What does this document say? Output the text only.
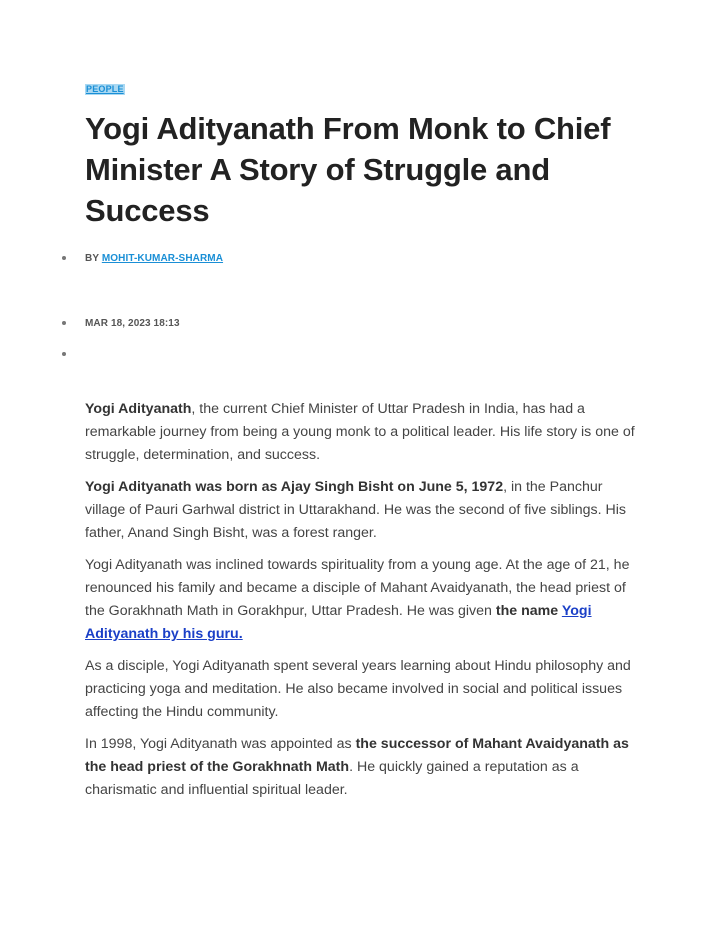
PEOPLE
Yogi Adityanath From Monk to Chief Minister A Story of Struggle and Success
BY MOHIT-KUMAR-SHARMA
MAR 18, 2023 18:13

Yogi Adityanath, the current Chief Minister of Uttar Pradesh in India, has had a remarkable journey from being a young monk to a political leader. His life story is one of struggle, determination, and success.

Yogi Adityanath was born as Ajay Singh Bisht on June 5, 1972, in the Panchur village of Pauri Garhwal district in Uttarakhand. He was the second of five siblings. His father, Anand Singh Bisht, was a forest ranger.

Yogi Adityanath was inclined towards spirituality from a young age. At the age of 21, he renounced his family and became a disciple of Mahant Avaidyanath, the head priest of the Gorakhnath Math in Gorakhpur, Uttar Pradesh. He was given the name Yogi Adityanath by his guru.

As a disciple, Yogi Adityanath spent several years learning about Hindu philosophy and practicing yoga and meditation. He also became involved in social and political issues affecting the Hindu community.

In 1998, Yogi Adityanath was appointed as the successor of Mahant Avaidyanath as the head priest of the Gorakhnath Math. He quickly gained a reputation as a charismatic and influential spiritual leader.
